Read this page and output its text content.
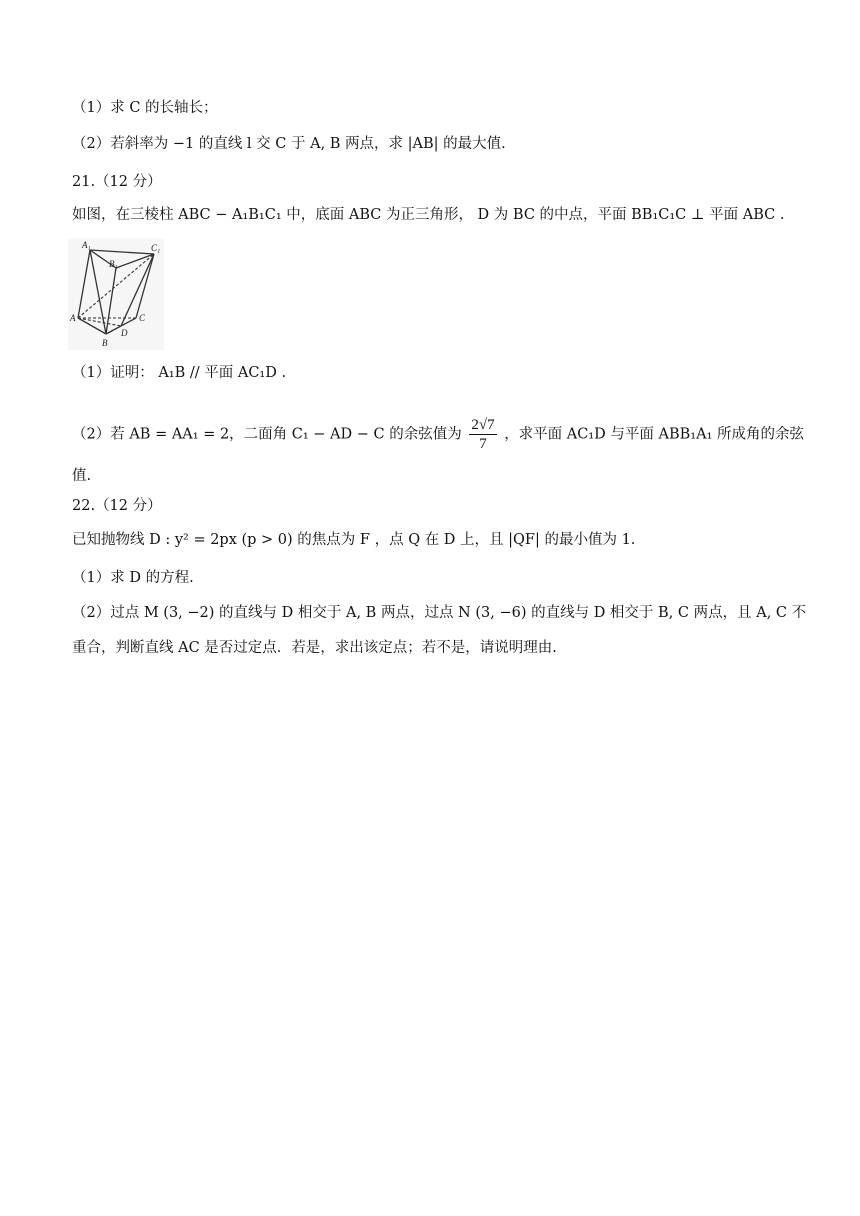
（1）求 C 的长轴长；
（2）若斜率为 −1 的直线 l 交 C 于 A, B 两点，求 |AB| 的最大值.
21.（12 分）
如图，在三棱柱 ABC − A₁B₁C₁ 中，底面 ABC 为正三角形， D 为 BC 的中点，平面 BB₁C₁C ⊥ 平面 ABC .
A₁
B₁
C₁
A
B
C
D
（1）证明： A₁B // 平面 AC₁D .
（2）若 AB = AA₁ = 2，二面角 C₁ − AD − C 的余弦值为 $\frac{2√7}{7}$ ，求平面 AC₁D 与平面 ABB₁A₁ 所成角的余弦
值.
22.（12 分）
已知抛物线 D : y² = 2px (p > 0) 的焦点为 F ，点 Q 在 D 上，且 |QF| 的最小值为 1.
（1）求 D 的方程.
（2）过点 M (3, −2) 的直线与 D 相交于 A, B 两点，过点 N (3, −6) 的直线与 D 相交于 B, C 两点，且 A, C 不
重合，判断直线 AC 是否过定点．若是，求出该定点；若不是，请说明理由.
